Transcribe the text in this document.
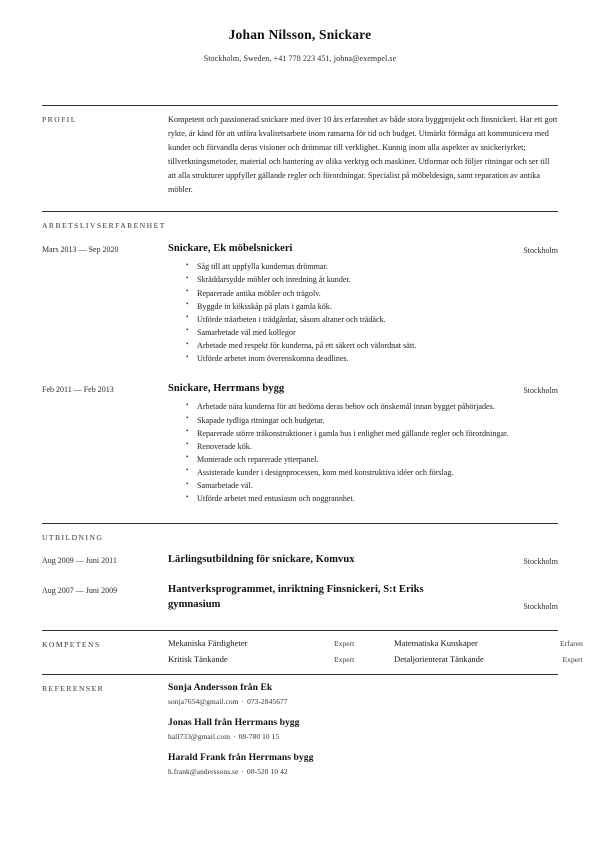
Johan Nilsson, Snickare
Stockholm, Sweden, +41 778 223 451, johna@exempel.se
PROFIL	Kompetent och passionerad snickare med över 10 års erfarenhet av både stora byggprojekt och finsnickeri. Har ett gott rykte, är känd för att utföra kvalitetsarbete inom ramarna för tid och budget. Utmärkt förmåga att kommunicera med kunder och förvandla deras visioner och drömmar till verklighet. Kunnig inom alla aspekter av snickeriyrket; tillverkningsmetoder, material och hantering av olika verktyg och maskiner. Utformar och följer ritningar och ser till att alla strukturer uppfyller gällande regler och förordningar. Specialist på möbeldesign, samt reparation av antika möbler.
ARBETSLIVSERFARENHET
Mars 2013 — Sep 2020	Snickare, Ek möbelsnickeri	Stockholm
• Såg till att uppfylla kundernas drömmar.
• Skräddarsydde möbler och inredning åt kunder.
• Reparerade antika möbler och trägolv.
• Byggde in köksskåp på plats i gamla kök.
• Utförde träarbeten i trädgårdar, såsom altaner och trädäck.
• Samarbetade väl med kollegor
• Arbetade med respekt för kunderna, på ett säkert och välordnat sätt.
• Utförde arbetet inom överenskomna deadlines.
Feb 2011 — Feb 2013	Snickare, Herrmans bygg	Stockholm
• Arbetade nära kunderna för att bedöma deras behov och önskemål innan bygget påbörjades.
• Skapade tydliga ritningar och budgetar.
• Reparerade större träkonstruktioner i gamla hus i enlighet med gällande regler och förordningar.
• Renoverade kök.
• Monterade och reparerade ytterpanel.
• Assisterade kunder i designprocessen, kom med konstruktiva idéer och förslag.
• Samarbetade väl.
• Utförde arbetet med entusiasm och noggrannhet.
UTBILDNING
Aug 2009 — Juni 2011	Lärlingsutbildning för snickare, Komvux	Stockholm
Aug 2007 — Juni 2009	Hantverksprogrammet, inriktning Finsnickeri, S:t Eriks gymnasium	Stockholm
KOMPETENS	Mekaniska Färdigheter	Expert	Matematiska Kunskaper	Erfaren
Kritisk Tänkande	Expert	Detaljorienterat Tänkande	Expert
REFERENSER	Sonja Andersson från Ek
sonja7654@gmail.com · 073-2845677
Jonas Hall från Herrmans bygg
hall733@gmail.com · 08-780 10 15
Harald Frank från Herrmans bygg
h.frank@anderssons.se · 08-520 10 42
